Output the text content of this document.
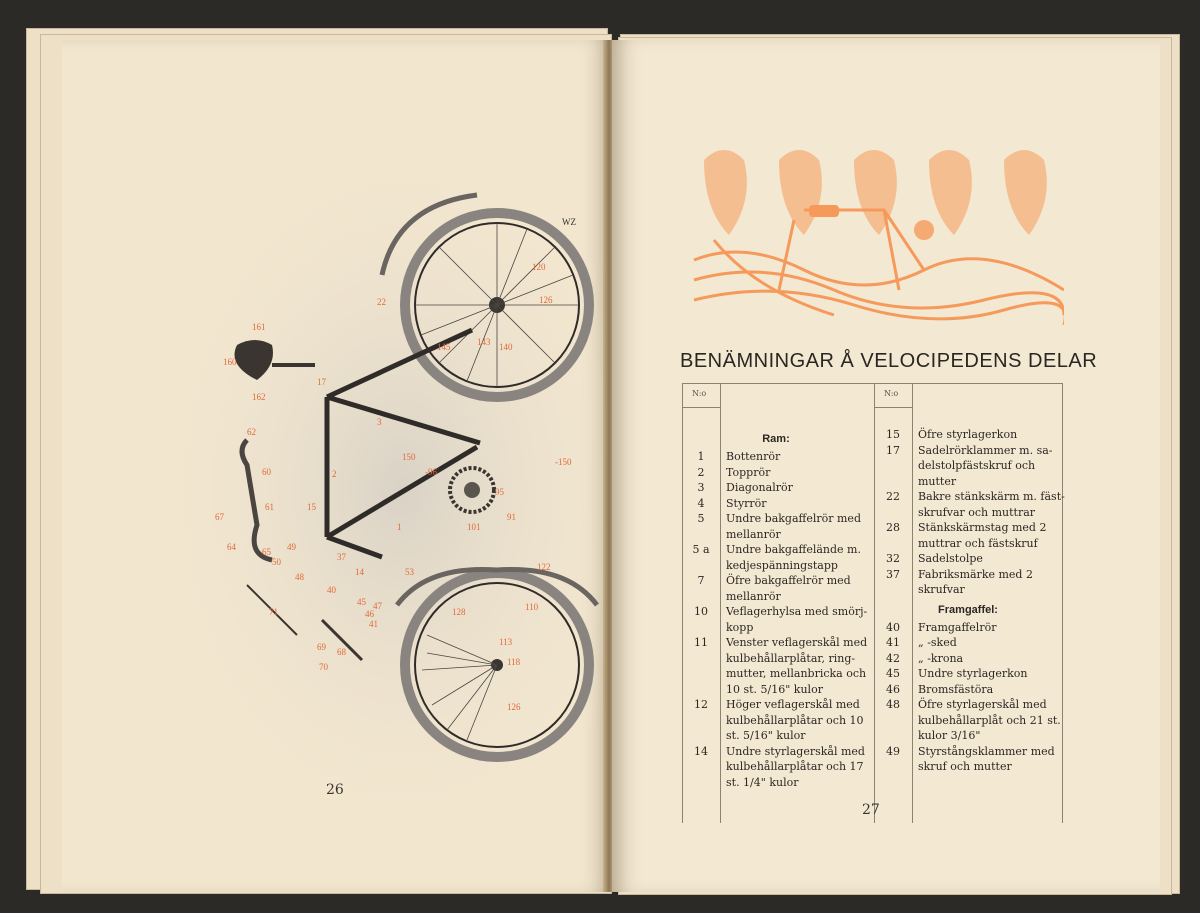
160
161
162
22
17
1
2
3
150
-96
37
60
61
62
67
64	65
50
49
48
40
45
46
47
41
71
69 68
70
15
14	53	122
110
113
118
126
128
120
143 140
145
126
91
95
101
-150
WZ
26
BENÄMNINGAR Å VELOCIPEDENS DELAR
N:o	N:o
Ram:
1	Bottenrör
2	Topprör
3	Diagonalrör
4	Styrrör
5	Undre bakgaffelrör med mellanrör
5 a	Undre bakgaffelände m. kedjespänningstapp
7	Öfre bakgaffelrör med mellanrör
10	Veflagerhylsa med smörj-kopp
11	Venster veflagerskål med kulbehållarplåtar, ring-mutter, mellanbricka och 10 st. 5/16" kulor
12	Höger veflagerskål med kulbehållarplåtar och 10 st. 5/16" kulor
14	Undre styrlagerskål med kulbehållarplåtar och 17 st. 1/4" kulor
15	Öfre styrlagerkon
17	Sadelrörklammer m. sa-delstolpfästskruf och mutter
22	Bakre stänkskärm m. fäst-skrufvar och muttrar
28	Stänkskärmstag med 2 muttrar och fästskruf
32	Sadelstolpe
37	Fabriksmärke med 2 skrufvar
Framgaffel:
40	Framgaffelrör
41	„ -sked
42	„ -krona
45	Undre styrlagerkon
46	Bromsfästöra
48	Öfre styrlagerskål med kulbehållarplåt och 21 st. kulor 3/16"
49	Styrstångsklammer med skruf och mutter
27
